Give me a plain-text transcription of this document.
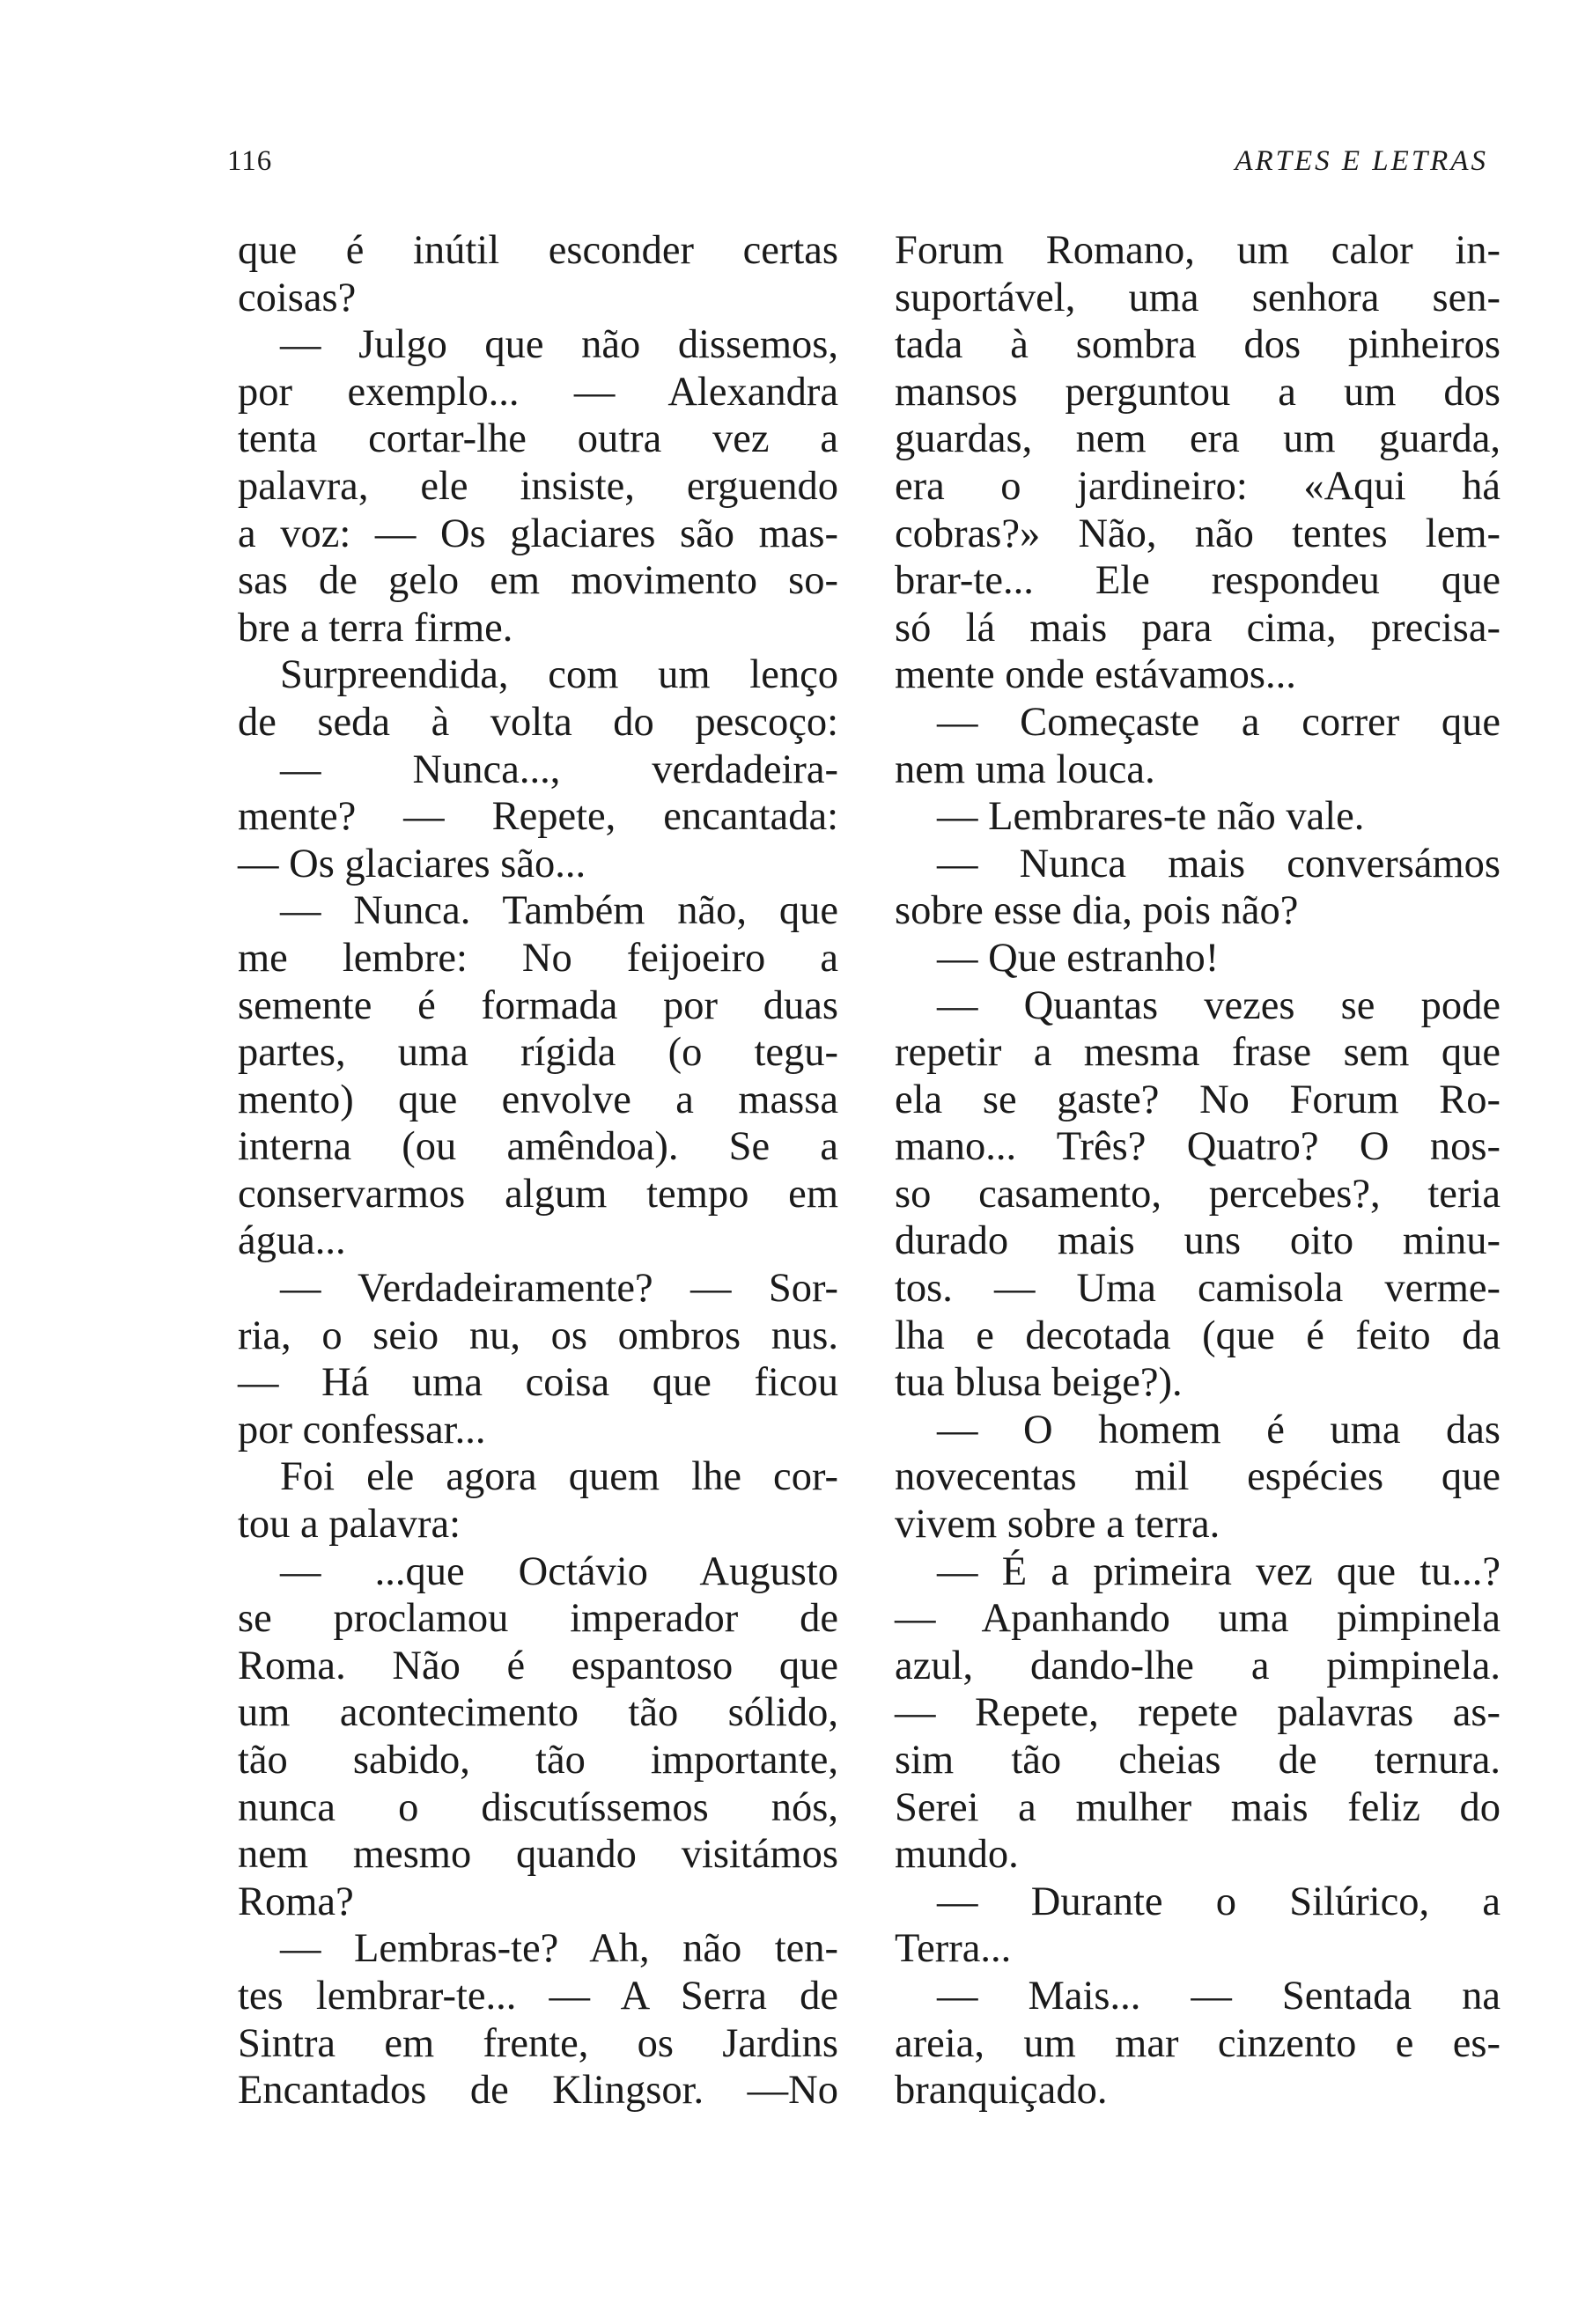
116	ARTES E LETRAS
que é inútil esconder certas
coisas?
— Julgo que não dissemos,
por exemplo... — Alexandra
tenta cortar-lhe outra vez a
palavra, ele insiste, erguendo
a voz: — Os glaciares são mas-
sas de gelo em movimento so-
bre a terra firme.
Surpreendida, com um lenço
de seda à volta do pescoço:
— Nunca..., verdadeira-
mente? — Repete, encantada:
— Os glaciares são...
— Nunca. Também não, que
me lembre: No feijoeiro a
semente é formada por duas
partes, uma rígida (o tegu-
mento) que envolve a massa
interna (ou amêndoa). Se a
conservarmos algum tempo em
água...
— Verdadeiramente? — Sor-
ria, o seio nu, os ombros nus.
— Há uma coisa que ficou
por confessar...
Foi ele agora quem lhe cor-
tou a palavra:
— ...que Octávio Augusto
se proclamou imperador de
Roma. Não é espantoso que
um acontecimento tão sólido,
tão sabido, tão importante,
nunca o discutíssemos nós,
nem mesmo quando visitámos
Roma?
— Lembras-te? Ah, não ten-
tes lembrar-te... — A Serra de
Sintra em frente, os Jardins
Encantados de Klingsor. —No
Forum Romano, um calor in-
suportável, uma senhora sen-
tada à sombra dos pinheiros
mansos perguntou a um dos
guardas, nem era um guarda,
era o jardineiro: «Aqui há
cobras?» Não, não tentes lem-
brar-te... Ele respondeu que
só lá mais para cima, precisa-
mente onde estávamos...
— Começaste a correr que
nem uma louca.
— Lembrares-te não vale.
— Nunca mais conversámos
sobre esse dia, pois não?
— Que estranho!
— Quantas vezes se pode
repetir a mesma frase sem que
ela se gaste? No Forum Ro-
mano... Três? Quatro? O nos-
so casamento, percebes?, teria
durado mais uns oito minu-
tos. — Uma camisola verme-
lha e decotada (que é feito da
tua blusa beige?).
— O homem é uma das
novecentas mil espécies que
vivem sobre a terra.
— É a primeira vez que tu...?
— Apanhando uma pimpinela
azul, dando-lhe a pimpinela.
— Repete, repete palavras as-
sim tão cheias de ternura.
Serei a mulher mais feliz do
mundo.
— Durante o Silúrico, a
Terra...
— Mais... — Sentada na
areia, um mar cinzento e es-
branquiçado.
